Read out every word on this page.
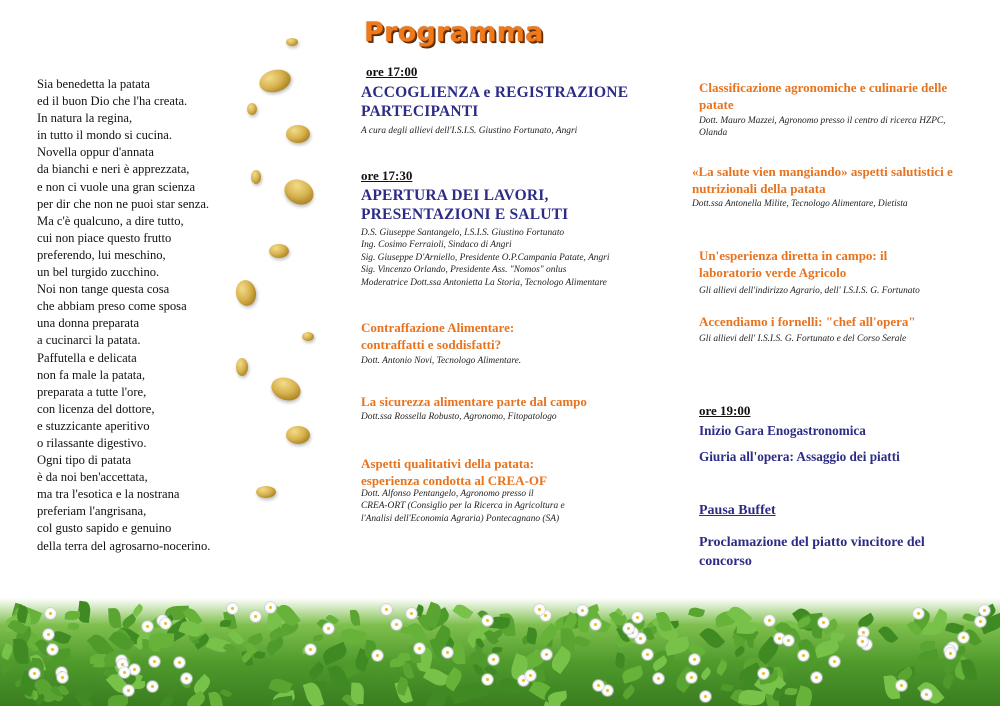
Sia benedetta la patata
ed il buon Dio che l'ha creata.
In natura la regina,
in tutto il mondo si cucina.
Novella oppur d'annata
da bianchi e neri è apprezzata,
e non ci vuole una gran scienza
per dir che non ne puoi star senza.
Ma c'è qualcuno, a dire tutto,
cui non piace questo frutto
preferendo, lui meschino,
un bel turgido zucchino.
Noi non tange questa cosa
che abbiam preso come sposa
una donna preparata
a cucinarci la patata.
Paffutella e delicata
non fa male la patata,
preparata a tutte l'ore,
con licenza del dottore,
e stuzzicante aperitivo
o rilassante digestivo.
Ogni tipo di patata
è da noi ben'accettata,
ma tra l'esotica e la nostrana
preferiam l'angrisana,
col gusto sapido e genuino
della terra del agrosarno-nocerino.
Programma
ore 17:00
ACCOGLIENZA e REGISTRAZIONE
PARTECIPANTI
A cura degli allievi dell'I.S.I.S. Giustino Fortunato, Angri
ore 17:30
APERTURA DEI LAVORI,
PRESENTAZIONI E SALUTI
D.S. Giuseppe Santangelo, I.S.I.S. Giustino Fortunato
Ing. Cosimo Ferraioli, Sindaco di Angri
Sig. Giuseppe D'Arniello, Presidente O.P.Campania Patate, Angri
Sig. Vincenzo Orlando, Presidente Ass. "Nomos" onlus
Moderatrice Dott.ssa Antonietta La Storia, Tecnologo Alimentare
Contraffazione Alimentare:
contraffatti e soddisfatti?
Dott. Antonio Novi, Tecnologo Alimentare.
La sicurezza alimentare parte dal campo
Dott.ssa Rossella Robusto, Agronomo, Fitopatologo
Aspetti qualitativi della patata:
esperienza condotta al CREA-OF
Dott. Alfonso Pentangelo, Agronomo presso il
CREA-ORT (Consiglio per la Ricerca in Agricoltura e
l'Analisi dell'Economia Agraria) Pontecagnano (SA)
Classificazione agronomiche e culinarie delle
patate
Dott. Mauro Mazzei, Agronomo presso il centro di ricerca HZPC,
Olanda
«La salute vien mangiando» aspetti salutistici e
nutrizionali della patata
Dott.ssa Antonella Milite, Tecnologo Alimentare, Dietista
Un'esperienza diretta in campo: il
laboratorio verde Agricolo
Gli allievi dell'indirizzo Agrario, dell' I.S.I.S. G. Fortunato
Accendiamo i fornelli: "chef all'opera"
Gli allievi dell' I.S.I.S. G. Fortunato e del Corso Serale
ore 19:00
Inizio Gara Enogastronomica
Giuria all'opera: Assaggio dei piatti
Pausa Buffet
Proclamazione del piatto vincitore del
concorso
